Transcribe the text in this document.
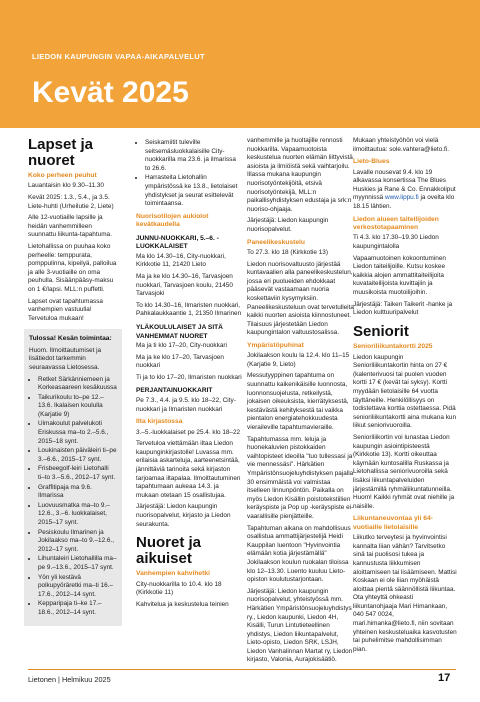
LIEDON KAUPUNGIN VAPAA-AIKAPALVELUT
Kevät 2025
Lapset ja nuoret
Koko perheen peuhut
Lauantaisin klo 9.30–11.30
Kevät 2025: 1.3., 5.4., ja 3.5. Liete-huhti (Urheilutie 2, Liete)
Alle 12-vuotiaille lapsille ja heidän vanhemmilleen suunnattu liikunta-tapahtuma.
Lietohallissa on puuhaa koko perheelle: temppurata, pomppulinna, kipeilyä, palloilua ja alle 3-vuotiaille on oma peuhulla. Sisäänpääsy-maksu on 1 €/lapsi. MLL:n puffetti.
Lapset ovat tapahtumassa vanhempien vastuulla! Tervetuloa mukaan!
Tulossa! Kesän toimintaa:
Huom. Ilmoittautumiset ja lisätiedot tarkemmin seuraavassa Lietosessa.
• Retket Särkänniemeen ja Korkeasaareen kesäkuussa
• Taikurikoulu to–pe 12.–13.6. Ikalaisen koululla (Karjatie 9)
• Uimakoulut palvelukoti Eriskussa ma–to 2.–5.6., 2015–18 synt.
• Loukinaisten päiväleiri ti–pe 3.–6.6., 2015–17 synt.
• Frisbeegolf-leiri Lietohalli ti–to 3.–5.6., 2012–17 synt.
• Graffitipaja ma 9.6. Ilmarissa
• Luovuusmatka ma–to 9.–12.6., 3.–6. luokkalaiset, 2015–17 synt.
• Pesiskoulu Ilmarinen ja Jokilaakso ma–to 9.–12.6., 2012–17 synt.
• Lihuntaleiri Lietohallilla ma–pe 9.–13.6., 2015–17 synt.
• Yön yli kestävä polkupyöräretki ma–ti 16.–17.6., 2012–14 synt.
• Kepparipaja ti–ke 17.–18.6., 2012–14 synt.
• Seiskamiitit tuleville seitsemäsluokkalaisille City-nuokkarilla ma 23.6. ja ilmarissa to 26.6.
• Harrasteita Lietohallin ympäristössä ke 13.8., lietolaiset yhdistykset ja seurat esittelevät toimintaansa.
Nuorisotilojen aukiolot kevätkaudella
JUNNU-NUOKKARI, 5.–6. -LUOKKALAISET
Ma klo 14.30–16, City-nuokkari, Kirkkotie 11, 21420 Lieto
Ma ja ke klo 14.30–16, Tarvasjoen nuokkari, Tarvasjoen koulu, 21450 Tarvasjoki
To klo 14.30–16, Ilmaristen nuokkari, Pahkalaukkaantie 1, 21350 Ilmarinen
YLÄKOULULAISET JA SITÄ VANHEMMAT NUORET
Ma ja ti klo 17–20, City-nuokkari
Ma ja ke klo 17–20, Tarvasjoen nuokkari
Ti ja to klo 17–20, Ilmaristen nuokkari
PERJANTAINUOKKARIT
Pe 7.3., 4.4. ja 9.5. klo 18–22, City-nuokkari ja Ilmaristen nuokkari
Ilta kirjastossa
3.–5.-luokkalaiset pe 25.4. klo 18–22
Tervetuloa viettämään iltaa Liedon kaupunginkirjastolle! Luvassa mm. erilaisia askarteluja, aarteenetsintää, jännittäviä tarinoita sekä kirjaston tarjoamaa iltapalaa. Ilmoittautuminen tapahtumaan aukeaa 14.3. ja mukaan otetaan 15 osallistujaa.
Järjestäjä: Liedon kaupungin nuorisopalvelut, kirjasto ja Liedon seurakunta.
Nuoret ja aikuiset
Vanhempien kahvihetki
City-nuokkarilla to 10.4. klo 18 (Kirkkotie 11)
Kahvitelua ja keskustelua teinien
vanhemmille ja huoltajille rennosti nuokkarilla. Vapaamuotoista keskustelua nuorten elämän liittyvistä asioista ja ilmiöistä sekä vaihtarjoilu. Illassa mukana kaupungin nuorisotyöntekijöitä, etsivä nuorisotyöntekijä, MLL:n paikallisyhdistyksen edustaja ja srk:n nuoriso-ohjaaja.
Järjestäjä: Liedon kaupungin nuorisopalvelut.
Paneelikeskustelu
To 27.3. klo 18 (Kirkkotie 13)
Liedon nuorisovaltuusto järjestää kuntavaalien alla paneelikeskustelun, jossa eri puolueiden ehdokkaat pääsevät vastaamaan nuoria koskettaviin kysymyksiin. Paneelikeskusteluun ovat tervetulleita kaikki nuorten asioista kiinnostuneet. Tilaisuus järjestetään Liedon kaupungintalon valtuustosalissa.
Ympäristöpuhinat
Jokilaakson koulu la 12.4. klo 11–15 (Karjatie 9, Lieto)
Messutyyppinen tapahtuma on suunnattu kaikenikäisille luonnosta, luonnonsuojelusta, retkeilystä, jokaisen oikeuksista, kierrätyksestä, kestävästä kehityksestä tai vaikka pientalon energiatehokkuudesta vieraileville tapahtumavieraille.
Tapahtumassa mm. leluja ja huonekaluvien pistokkaiden vaihtopisteet ideoilla "tuo tullessasi ja vie mennessäsi". Härkätien Ympäristönsuojeluyhdistyksen pajalla 30 ensimmäistä voi valmistaa itselleen linnunpöntön. Paikalla on myös Liedon Kisällin poistotekstiilien keräyspiste ja Pop up -keräyspiste ei-vaarallisille pienjätteille.
Tapahtuman aikana on mahdollisuus osallistua ammattijärjestelijä Heidi Kauppilan luentoon "Hyvinvointia elämään kotia järjestämällä" Jokilaakson koulun ruokalan tiloissa klo 12–13.30. Luento kuuluu Lieto-opiston koulutustarjontaan.
Järjestäjä: Liedon kaupungin nuorisopalvelut, yhteistyössä mm. Härkätien Ympäristönsuojeluyhdistys ry., Liedon kaupunki, Liedon 4H, Kisälli, Turun Lintutieteellinen yhdistys, Liedon liikuntapalvelut, Lieto-opisto, Liedon SRK, LSJH, Liedon Vanhalinnan Martat ry, Liedon kirjasto, Valonia, Aurajokisäätiö.
Mukaan yhteistyöhön voi vielä ilmoittautua: sole.vahtera@lieto.fi.
Lieto-Blues
Lavalle nousevat 9.4. klo 19 alkavassa konsertissa The Blues Huskies ja Rane & Co. Ennakkoliput myynnissä www.lippu.fi ja ovelta klo 18.15 lähtien.
Liedon alueen taiteilijoiden verkostotapaaminen
Ti 4.3. klo 17.30–19.30 Liedon kaupungintalolla
Vapaamuotoinen kokoontuminen Liedon taiteilijoille. Kutsu koskee kaikkia alojen ammattitaiteilijoita kuvataiteilijoista kuvittajiin ja muusikoista muotoilijoihin.
Järjestäjä: Taiken Taikerit -hanke ja Liedon kulttuuripalvelut
Seniorit
Senioriliikuntakortti 2025
Liedon kaupungin Senioriliikuntakortin hinta on 27 € (kalenterivuosi tai puolen vuoden kortti 17 € (kevät tai syksy). Kortti myydään lietolaisille 64 vuotta täyttäneille. Henkilöllisyys on todistettava korttia ostettaessa. Pidä senioriliikuntakortti aina mukana kun liikut seniorivuoroilla.
Senioriliikortin voi lunastaa Liedon kaupungin asiointipisteestä (Kirkkotie 13). Kortti oikeuttaa käymään kuntosalilla Ruskassa ja Lietohallissa seniorivuoroilla sekä lisäksi liikuntapalveluiden järjestämillä ryhmäliikuntatunneilla. Huom! Kaikki ryhmät ovat niehille ja naisille.
Liikuntaneuvontaa yli 64-vuotiaille lietolaisille
Liikutko terveytesi ja hyvinvointisi kannalta liian vähän? Tarvitsetko sinä tai puolisosi tukea ja kannustusta liikkumisen aloittamiseen tai lisäämiseen. Mattisi Koskaan ei ole liian myöhäistä aloittaa pientä säännöllistä liikuntaa. Ota yhteyttä ohkeasti liikuntanohjaaja Mari Himankaan, 040 547 0024, mari.himanka@lieto.fi, niin sovitaan yhteinen keskusteluaika kasvotusten tai puhelimitse mahdollisimman pian.
Lietonen | Helmikuu 2025	17
